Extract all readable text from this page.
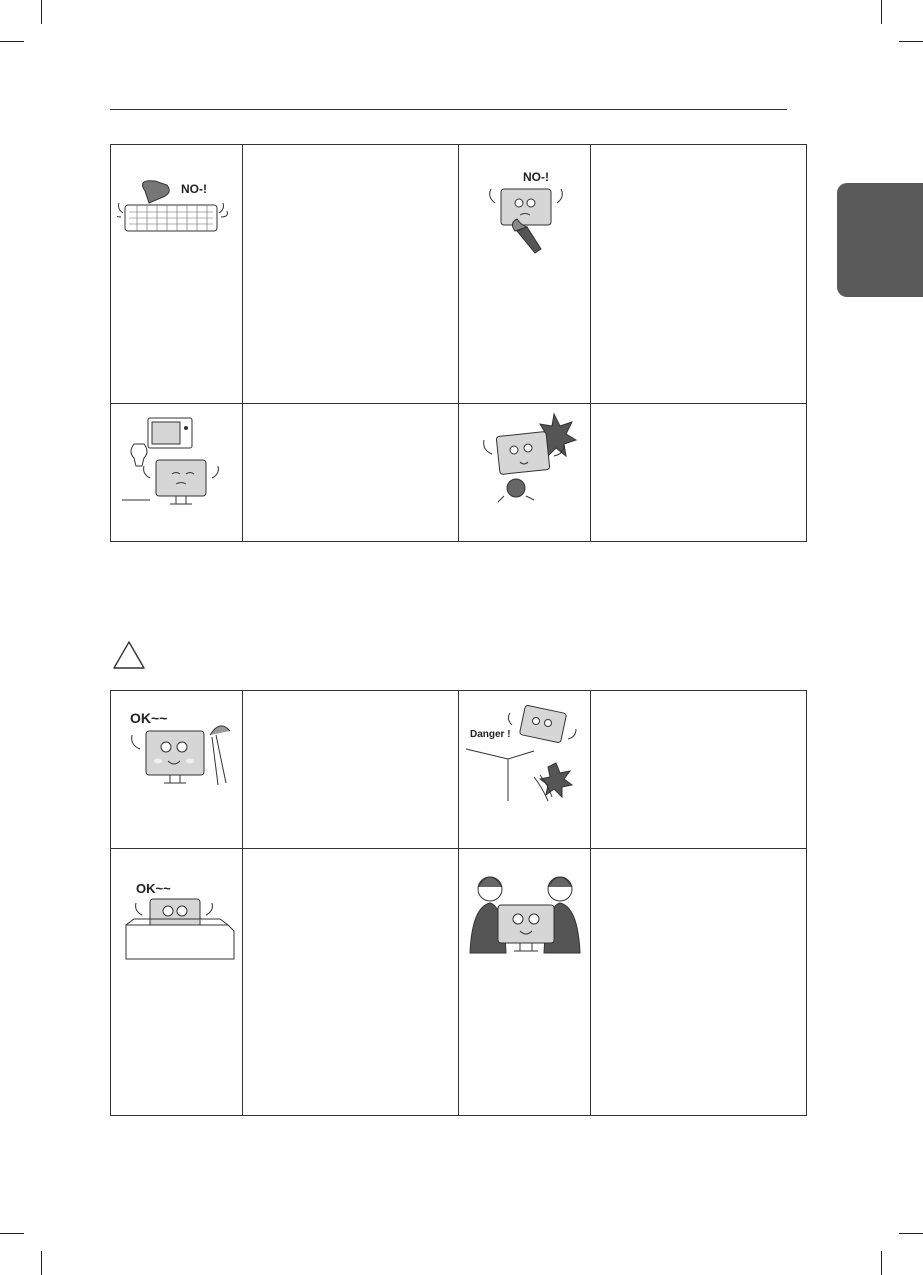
NO-!		NO-!	

OK~~		Danger !	

OK~~
